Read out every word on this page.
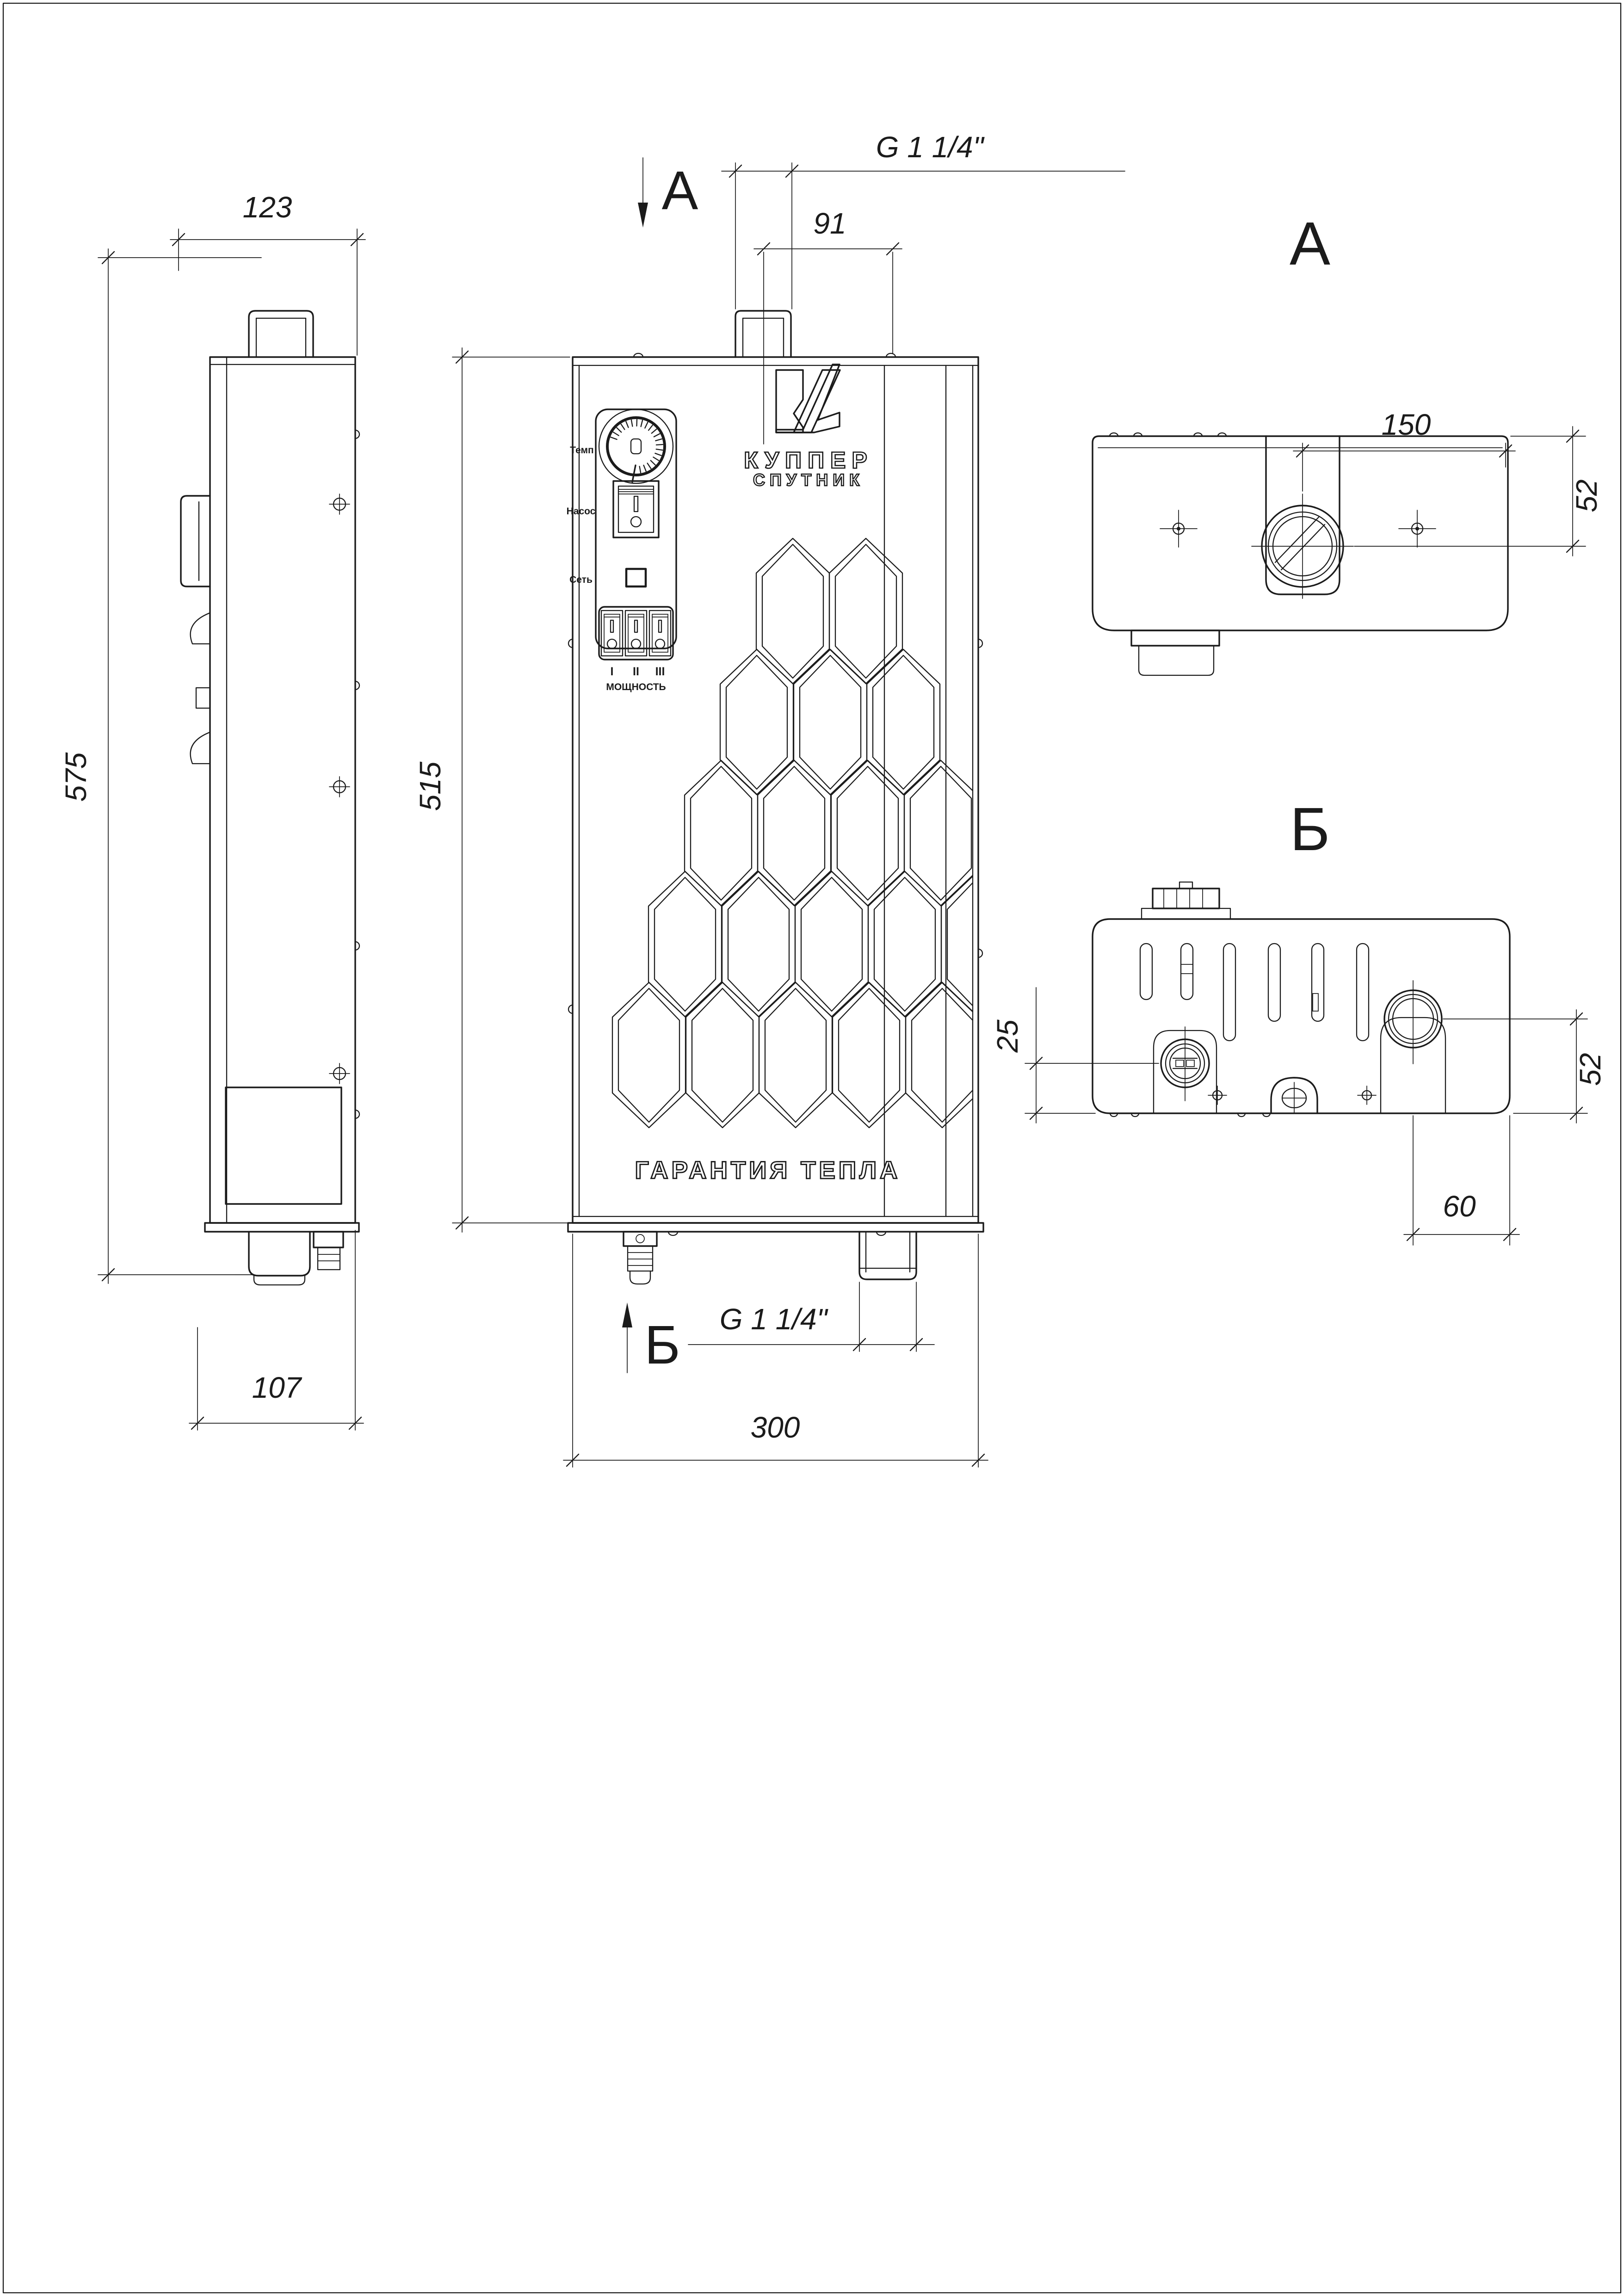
123
575
107
А
G 1 1/4"
91
515
КУППЕР
СПУТНИК
Темп
Насос
Сеть
I II III
МОЩНОСТЬ
ГАРАНТИЯ ТЕПЛА
Б G 1 1/4"
300
А
150
52
Б
25
52
60
